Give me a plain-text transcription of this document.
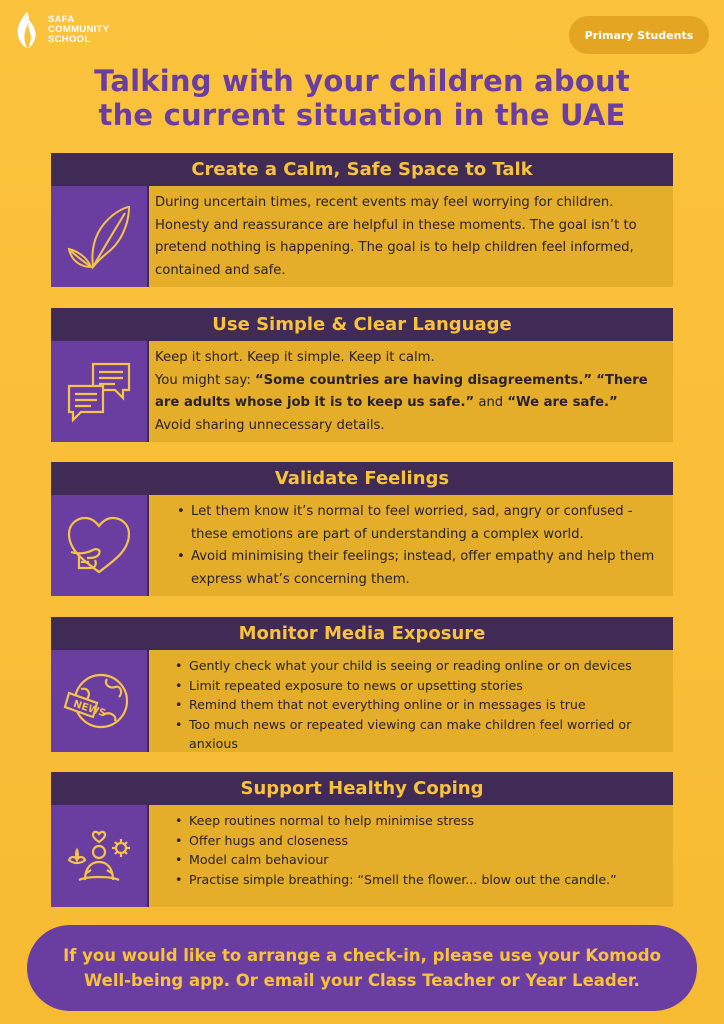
SAFA
COMMUNITY
SCHOOL	Primary Students
Talking with your children about
the current situation in the UAE
Create a Calm, Safe Space to Talk

During uncertain times, recent events may feel worrying for children. Honesty and reassurance are helpful in these moments. The goal isn’t to pretend nothing is happening. The goal is to help children feel informed, contained and safe.

Use Simple & Clear Language

Keep it short. Keep it simple. Keep it calm.

You might say: “Some countries are having disagreements.” “There are adults whose job it is to keep us safe.” and “We are safe.”

Avoid sharing unnecessary details.

Validate Feelings
• Let them know it’s normal to feel worried, sad, angry or confused - these emotions are part of understanding a complex world.
• Avoid minimising their feelings; instead, offer empathy and help them express what’s concerning them.
Monitor Media Exposure
NEWS
• Gently check what your child is seeing or reading online or on devices
• Limit repeated exposure to news or upsetting stories
• Remind them that not everything online or in messages is true
• Too much news or repeated viewing can make children feel worried or anxious
Support Healthy Coping
• Keep routines normal to help minimise stress
• Offer hugs and closeness
• Model calm behaviour
• Practise simple breathing: “Smell the flower... blow out the candle.”
If you would like to arrange a check-in, please use your Komodo Well-being app. Or email your Class Teacher or Year Leader.
